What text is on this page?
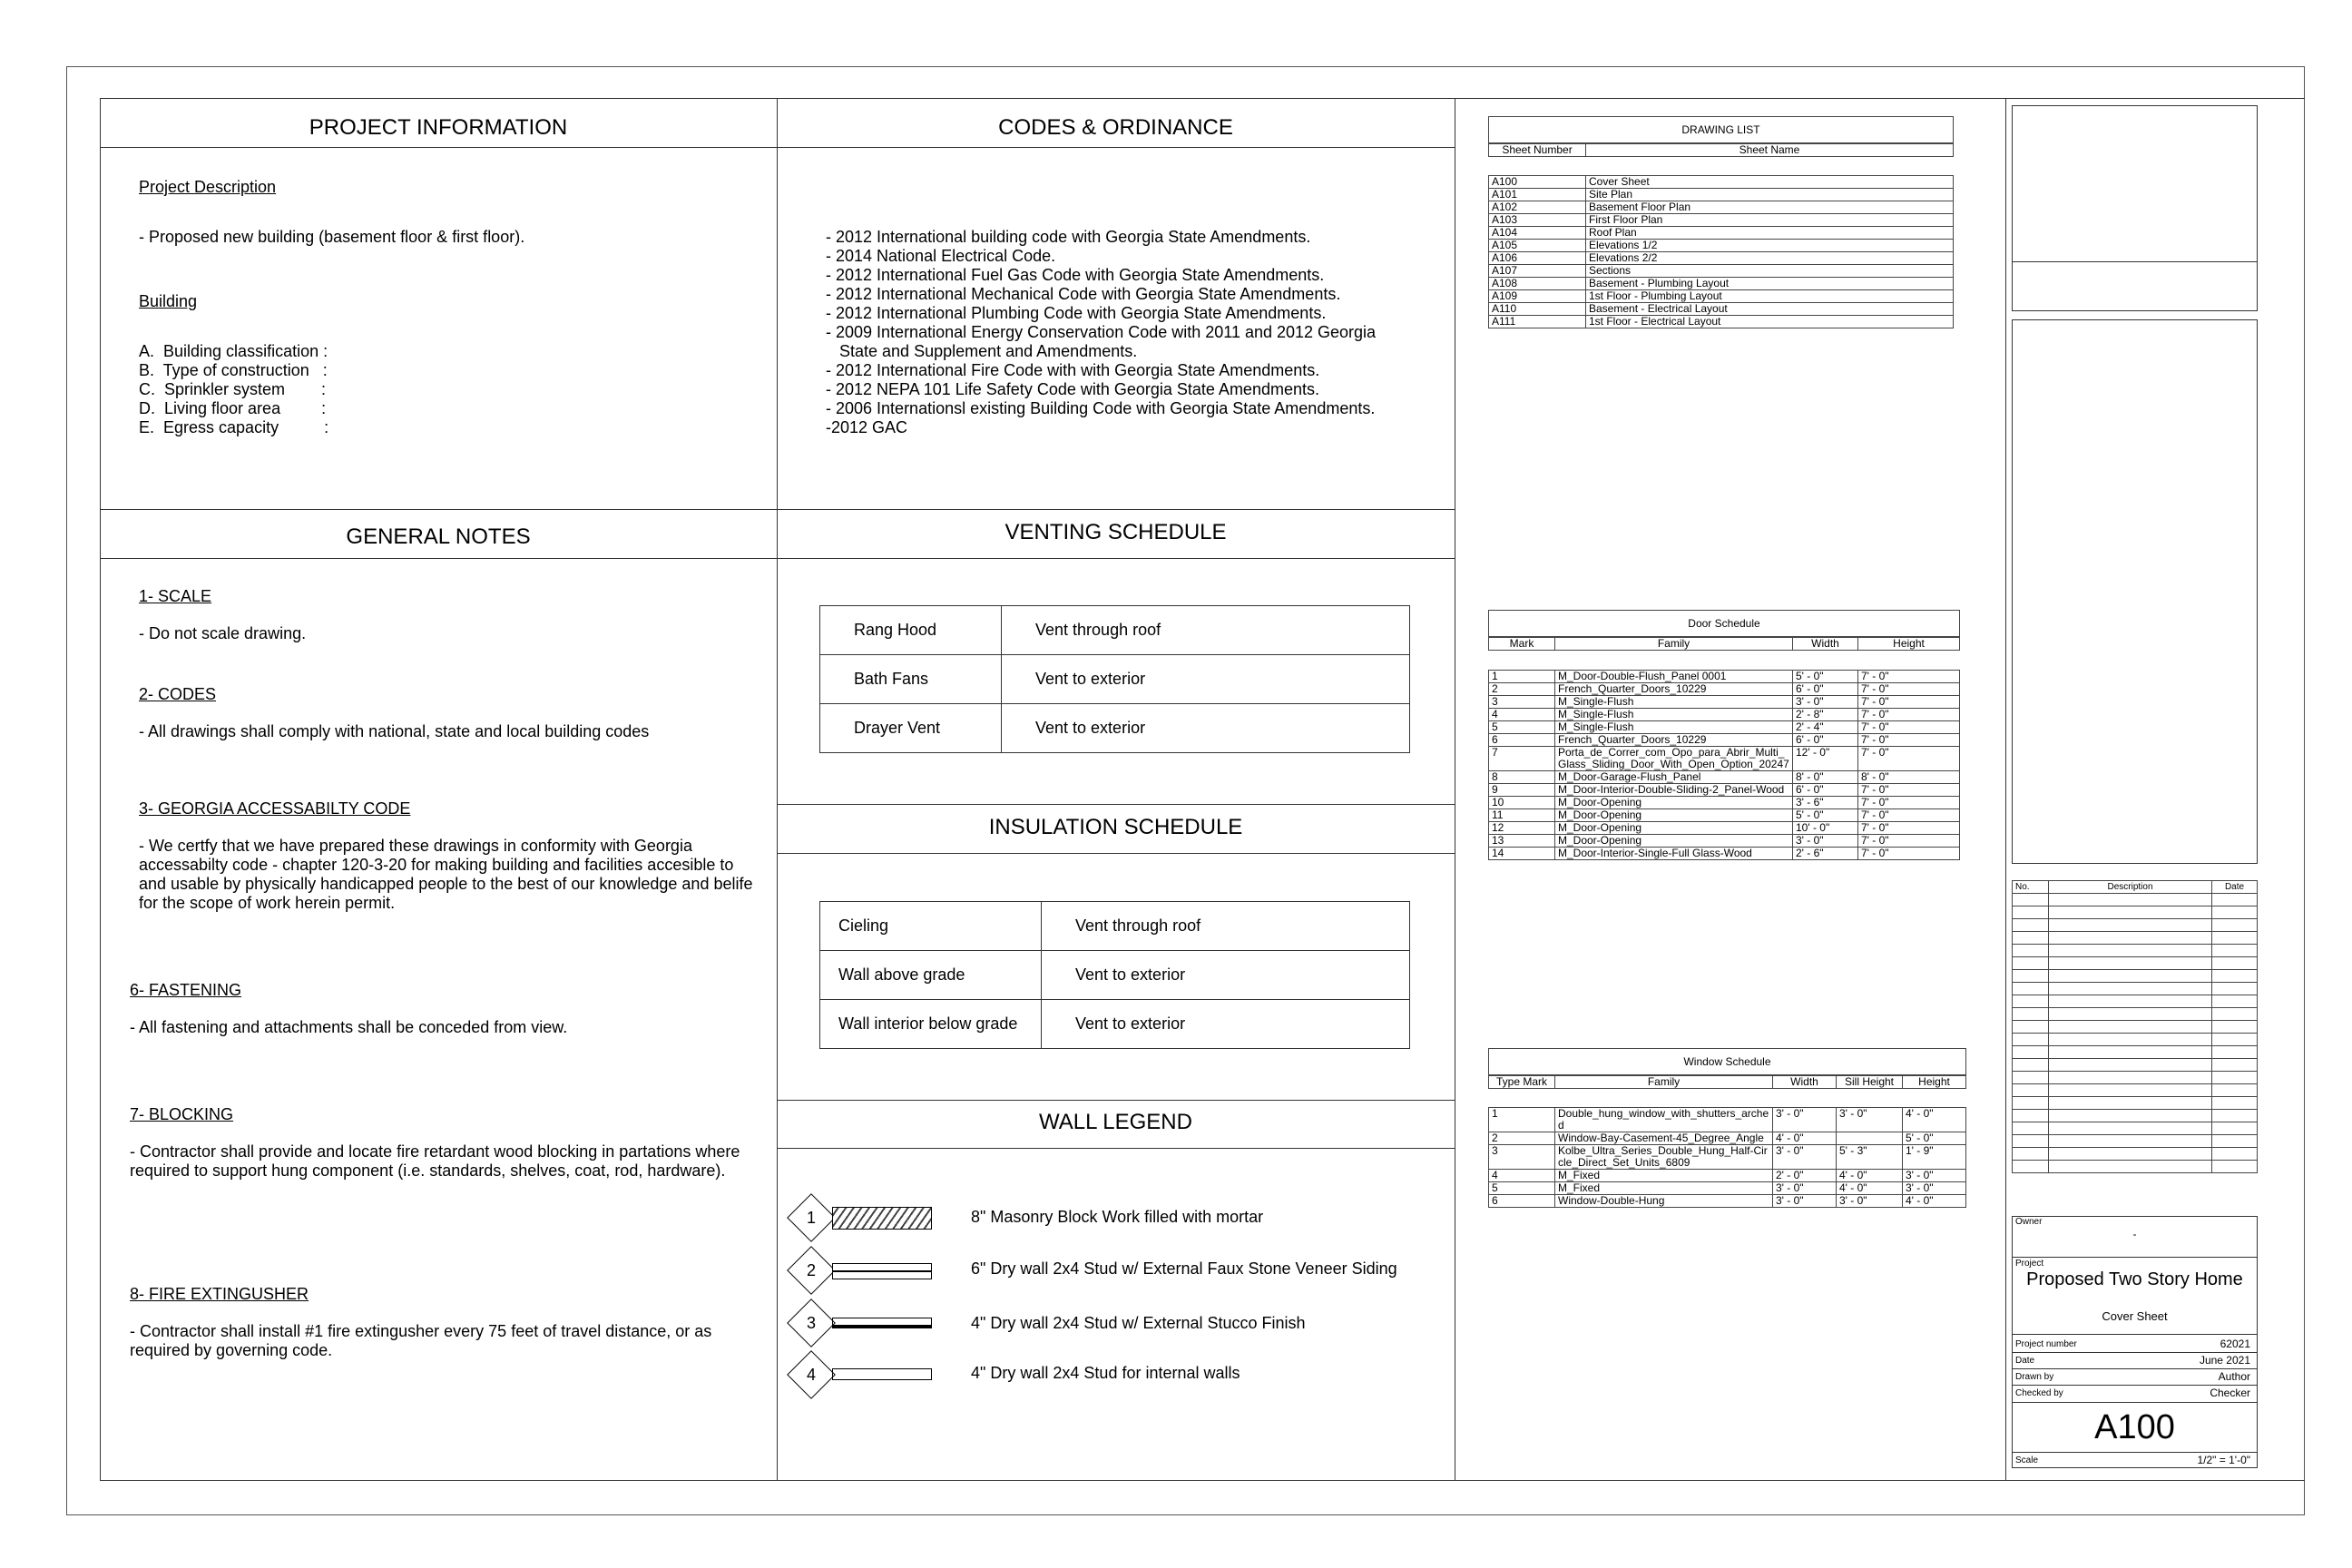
PROJECT INFORMATION
Project Description
- Proposed new building (basement floor & first floor).
Building
A.  Building classification :
B.  Type of construction   :
C.  Sprinkler system        :
D.  Living floor area         :
E.  Egress capacity          :
CODES & ORDINANCE
- 2012 International building code with Georgia State Amendments.
- 2014 National Electrical Code.
- 2012 International Fuel Gas Code with Georgia State Amendments.
- 2012 International Mechanical Code with Georgia State Amendments.
- 2012 International Plumbing Code with Georgia State Amendments.
- 2009 International Energy Conservation Code with 2011 and 2012 Georgia
State and Supplement and Amendments.
- 2012 International Fire Code with with Georgia State Amendments.
- 2012 NEPA 101 Life Safety Code with Georgia State Amendments.
- 2006 Internationsl existing Building Code with Georgia State Amendments.
-2012 GAC
GENERAL NOTES
1- SCALE
- Do not scale drawing.
2- CODES
- All drawings shall comply with national, state and local building codes
3- GEORGIA ACCESSABILTY CODE
- We certfy that we have prepared these drawings in conformity with Georgia accessabilty code - chapter 120-3-20 for making building and facilities accesible to and usable by physically handicapped people to the best of our knowledge and belife for the scope of work herein permit.
6- FASTENING
- All fastening and attachments shall be conceded from view.
7- BLOCKING
- Contractor shall provide and locate fire retardant wood blocking in partations where required to support hung component (i.e. standards, shelves, coat, rod, hardware).
8- FIRE EXTINGUSHER
- Contractor shall install #1 fire extingusher every 75 feet of travel distance, or as required by governing code.
VENTING SCHEDULE
Rang Hood	Vent through roof
Bath Fans	Vent to exterior
Drayer Vent	Vent to exterior
INSULATION SCHEDULE
Cieling	Vent through roof
Wall above grade	Vent to exterior
Wall interior below grade	Vent to exterior
WALL LEGEND
1	8" Masonry Block Work filled with mortar
2	6" Dry wall 2x4 Stud w/ External Faux Stone Veneer Siding
3	4" Dry wall 2x4 Stud w/ External Stucco Finish
4	4" Dry wall 2x4 Stud for internal walls
DRAWING LIST
Sheet Number	Sheet Name
A100	Cover Sheet
A101	Site Plan
A102	Basement Floor Plan
A103	First Floor Plan
A104	Roof Plan
A105	Elevations 1/2
A106	Elevations 2/2
A107	Sections
A108	Basement - Plumbing Layout
A109	1st Floor - Plumbing Layout
A110	Basement - Electrical Layout
A111	1st Floor - Electrical Layout
Door Schedule
Mark	Family	Width	Height
1	M_Door-Double-Flush_Panel 0001	5' - 0"	7' - 0"
2	French_Quarter_Doors_10229	6' - 0"	7' - 0"
3	M_Single-Flush	3' - 0"	7' - 0"
4	M_Single-Flush	2' - 8"	7' - 0"
5	M_Single-Flush	2' - 4"	7' - 0"
6	French_Quarter_Doors_10229	6' - 0"	7' - 0"
7	Porta_de_Correr_com_Opo_para_Abrir_Multi_Glass_Sliding_Door_With_Open_Option_20247	12' - 0"	7' - 0"
8	M_Door-Garage-Flush_Panel	8' - 0"	8' - 0"
9	M_Door-Interior-Double-Sliding-2_Panel-Wood	6' - 0"	7' - 0"
10	M_Door-Opening	3' - 6"	7' - 0"
11	M_Door-Opening	5' - 0"	7' - 0"
12	M_Door-Opening	10' - 0"	7' - 0"
13	M_Door-Opening	3' - 0"	7' - 0"
14	M_Door-Interior-Single-Full Glass-Wood	2' - 6"	7' - 0"
Window Schedule
Type Mark	Family	Width	Sill Height	Height
1	Double_hung_window_with_shutters_arched	3' - 0"	3' - 0"	4' - 0"
2	Window-Bay-Casement-45_Degree_Angle	4' - 0"		5' - 0"
3	Kolbe_Ultra_Series_Double_Hung_Half-Circle_Direct_Set_Units_6809	3' - 0"	5' - 3"	1' - 9"
4	M_Fixed	2' - 0"	4' - 0"	3' - 0"
5	M_Fixed	3' - 0"	4' - 0"	3' - 0"
6	Window-Double-Hung	3' - 0"	3' - 0"	4' - 0"
No.	Description	Date

Owner
-
Project
Proposed Two Story Home
Cover Sheet
Project number	62021
Date	June 2021
Drawn by	Author
Checked by	Checker
A100
Scale	1/2" = 1'-0"
